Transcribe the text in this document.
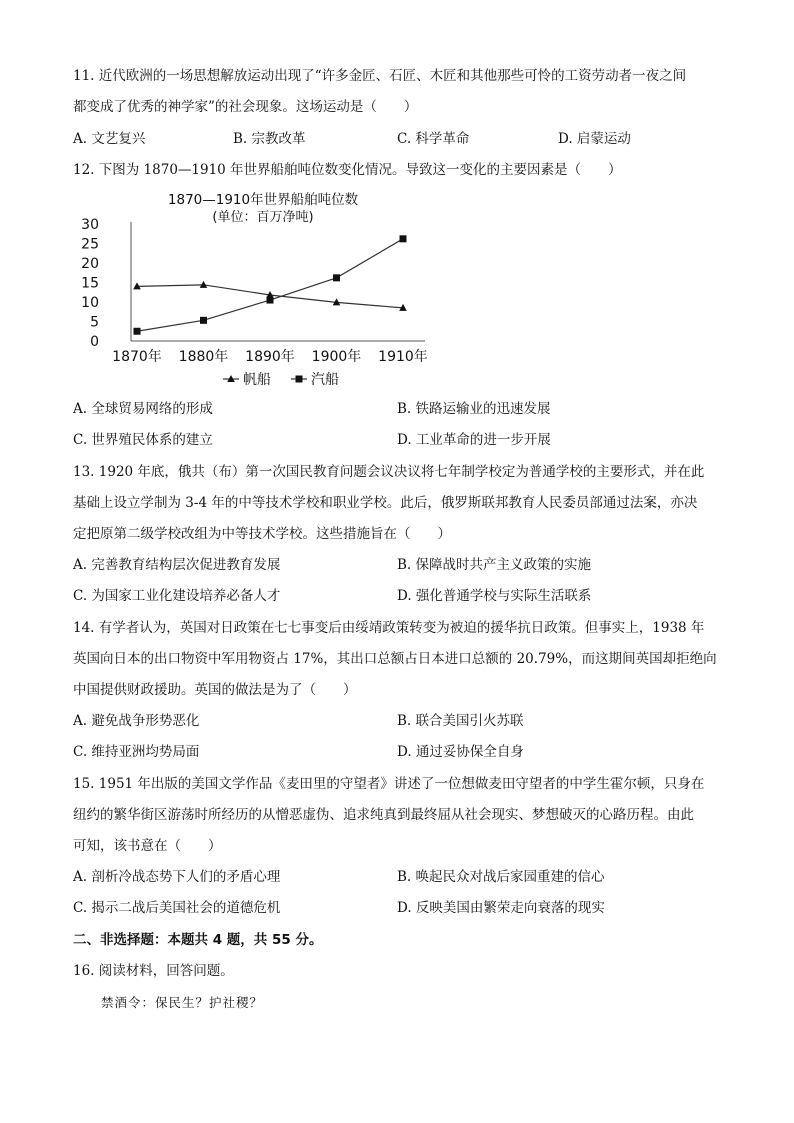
11. 近代欧洲的一场思想解放运动出现了“许多金匠、石匠、木匠和其他那些可怜的工资劳动者一夜之间
都变成了优秀的神学家”的社会现象。这场运动是（　　）
A. 文艺复兴	B. 宗教改革	C. 科学革命	D. 启蒙运动
12. 下图为 1870—1910 年世界船舶吨位数变化情况。导致这一变化的主要因素是（　　）
1870—1910年世界船舶吨位数
(单位：百万净吨)
0
5
10
15
20
25
30
1870年 1880年 1890年 1900年 1910年
帆船	汽船
A. 全球贸易网络的形成	B. 铁路运输业的迅速发展
C. 世界殖民体系的建立	D. 工业革命的进一步开展
13. 1920 年底，俄共（布）第一次国民教育问题会议决议将七年制学校定为普通学校的主要形式，并在此
基础上设立学制为 3-4 年的中等技术学校和职业学校。此后，俄罗斯联邦教育人民委员部通过法案，亦决
定把原第二级学校改组为中等技术学校。这些措施旨在（　　）
A. 完善教育结构层次促进教育发展	B. 保障战时共产主义政策的实施
C. 为国家工业化建设培养必备人才	D. 强化普通学校与实际生活联系
14. 有学者认为，英国对日政策在七七事变后由绥靖政策转变为被迫的援华抗日政策。但事实上，1938 年
英国向日本的出口物资中军用物资占 17%，其出口总额占日本进口总额的 20.79%，而这期间英国却拒绝向
中国提供财政援助。英国的做法是为了（　　）
A. 避免战争形势恶化	B. 联合美国引火苏联
C. 维持亚洲均势局面	D. 通过妥协保全自身
15. 1951 年出版的美国文学作品《麦田里的守望者》讲述了一位想做麦田守望者的中学生霍尔顿，只身在
纽约的繁华街区游荡时所经历的从憎恶虚伪、追求纯真到最终屈从社会现实、梦想破灭的心路历程。由此
可知，该书意在（　　）
A. 剖析冷战态势下人们的矛盾心理	B. 唤起民众对战后家园重建的信心
C. 揭示二战后美国社会的道德危机	D. 反映美国由繁荣走向衰落的现实
二、非选择题：本题共 4 题，共 55 分。
16. 阅读材料，回答问题。
禁酒令：保民生？护社稷？
